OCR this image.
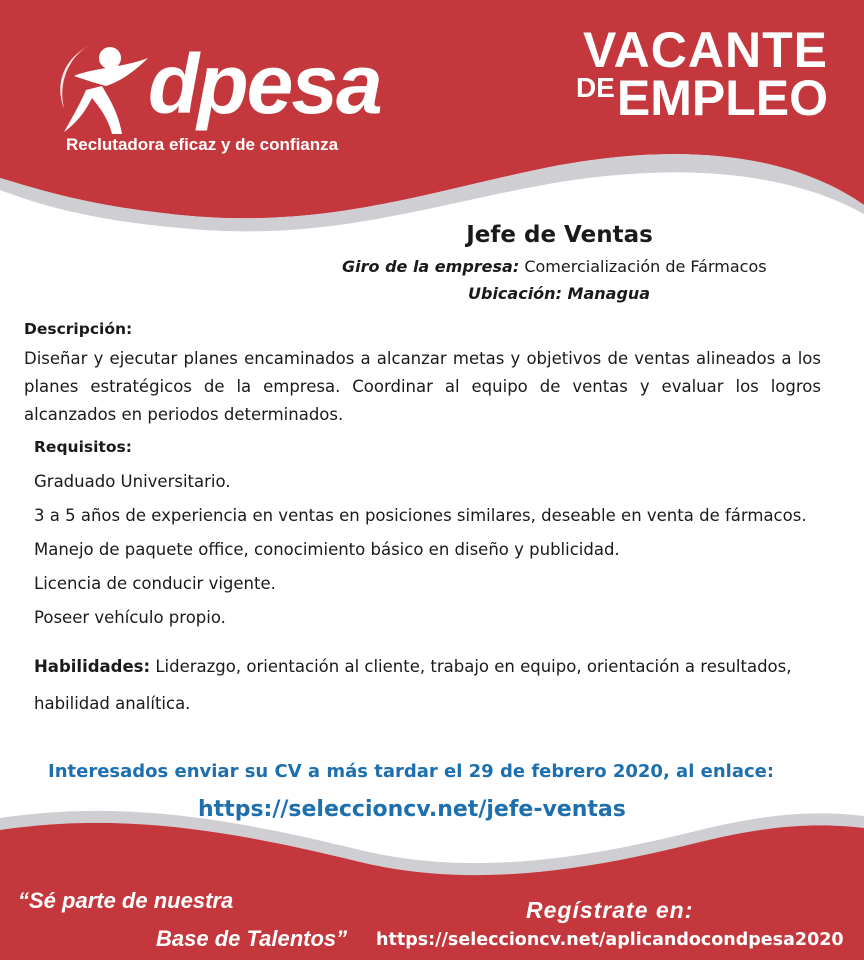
dpesa
Reclutadora eficaz y de confianza
VACANTE
DEEMPLEO
Jefe de Ventas
Giro de la empresa: Comercialización de Fármacos
Ubicación: Managua
Descripción:
Diseñar y ejecutar planes encaminados a alcanzar metas y objetivos de ventas alineados a los planes estratégicos de la empresa. Coordinar al equipo de ventas y evaluar los logros alcanzados en periodos determinados.
Requisitos:
Graduado Universitario.
3 a 5 años de experiencia en ventas en posiciones similares, deseable en venta de fármacos.
Manejo de paquete office, conocimiento básico en diseño y publicidad.
Licencia de conducir vigente.
Poseer vehículo propio.
Habilidades: Liderazgo, orientación al cliente, trabajo en equipo, orientación a resultados, habilidad analítica.
Interesados enviar su CV a más tardar el 29 de febrero 2020, al enlace:
https://seleccioncv.net/jefe-ventas
“Sé parte de nuestra
Base de Talentos”
Regístrate en:
https://seleccioncv.net/aplicandocondpesa2020
